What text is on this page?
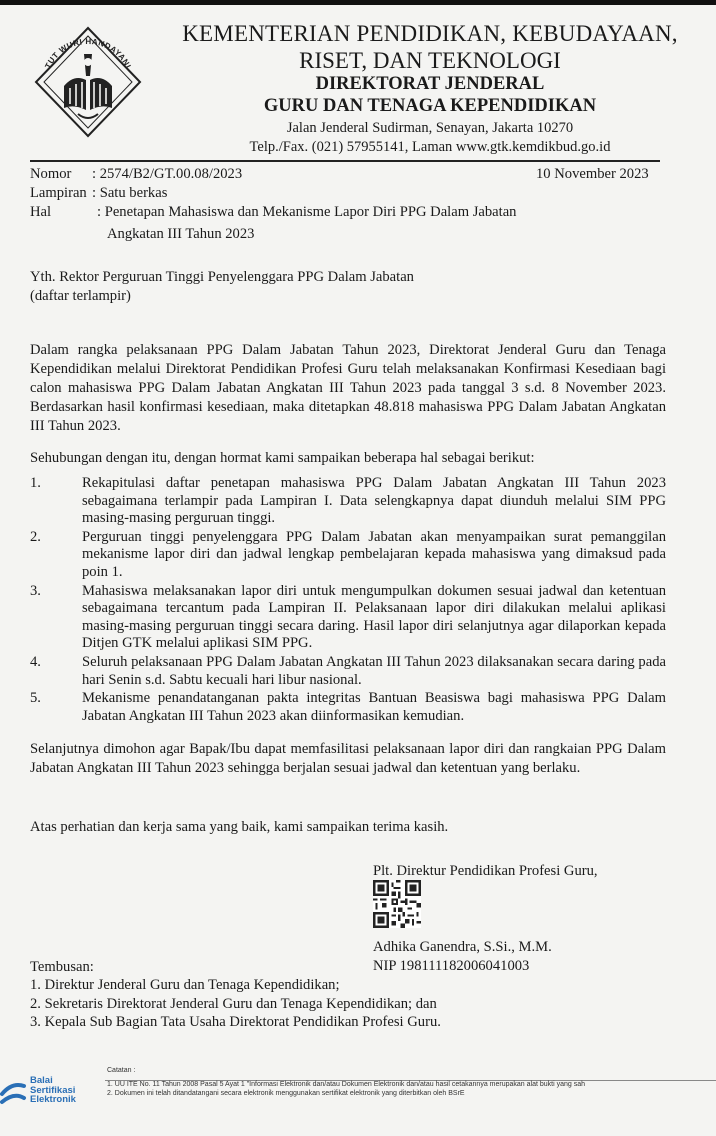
TUT WURI HANDAYANI
KEMENTERIAN PENDIDIKAN, KEBUDAYAAN,
RISET, DAN TEKNOLOGI
DIREKTORAT JENDERAL
GURU DAN TENAGA KEPENDIDIKAN
Jalan Jenderal Sudirman, Senayan, Jakarta 10270
Telp./Fax. (021) 57955141, Laman www.gtk.kemdikbud.go.id
Nomor : 2574/B2/GT.00.08/2023	10 November 2023
Lampiran : Satu berkas
Hal	: Penetapan Mahasiswa dan Mekanisme Lapor Diri PPG Dalam Jabatan
Angkatan III Tahun 2023
Yth. Rektor Perguruan Tinggi Penyelenggara PPG Dalam Jabatan
(daftar terlampir)
Dalam rangka pelaksanaan PPG Dalam Jabatan Tahun 2023, Direktorat Jenderal Guru dan Tenaga Kependidikan melalui Direktorat Pendidikan Profesi Guru telah melaksanakan Konfirmasi Kesediaan bagi calon mahasiswa PPG Dalam Jabatan Angkatan III Tahun 2023 pada tanggal 3 s.d. 8 November 2023. Berdasarkan hasil konfirmasi kesediaan, maka ditetapkan 48.818 mahasiswa PPG Dalam Jabatan Angkatan III Tahun 2023.
Sehubungan dengan itu, dengan hormat kami sampaikan beberapa hal sebagai berikut:
1.	Rekapitulasi daftar penetapan mahasiswa PPG Dalam Jabatan Angkatan III Tahun 2023 sebagaimana terlampir pada Lampiran I. Data selengkapnya dapat diunduh melalui SIM PPG masing-masing perguruan tinggi.
2.	Perguruan tinggi penyelenggara PPG Dalam Jabatan akan menyampaikan surat pemanggilan mekanisme lapor diri dan jadwal lengkap pembelajaran kepada mahasiswa yang dimaksud pada poin 1.
3.	Mahasiswa melaksanakan lapor diri untuk mengumpulkan dokumen sesuai jadwal dan ketentuan sebagaimana tercantum pada Lampiran II. Pelaksanaan lapor diri dilakukan melalui aplikasi masing-masing perguruan tinggi secara daring. Hasil lapor diri selanjutnya agar dilaporkan kepada Ditjen GTK melalui aplikasi SIM PPG.
4.	Seluruh pelaksanaan PPG Dalam Jabatan Angkatan III Tahun 2023 dilaksanakan secara daring pada hari Senin s.d. Sabtu kecuali hari libur nasional.
5.	Mekanisme penandatanganan pakta integritas Bantuan Beasiswa bagi mahasiswa PPG Dalam Jabatan Angkatan III Tahun 2023 akan diinformasikan kemudian.
Selanjutnya dimohon agar Bapak/Ibu dapat memfasilitasi pelaksanaan lapor diri dan rangkaian PPG Dalam Jabatan Angkatan III Tahun 2023 sehingga berjalan sesuai jadwal dan ketentuan yang berlaku.
Atas perhatian dan kerja sama yang baik, kami sampaikan terima kasih.
Plt. Direktur Pendidikan Profesi Guru,
Adhika Ganendra, S.Si., M.M.
NIP 198111182006041003
Tembusan:
1. Direktur Jenderal Guru dan Tenaga Kependidikan;
2. Sekretaris Direktorat Jenderal Guru dan Tenaga Kependidikan; dan
3. Kepala Sub Bagian Tata Usaha Direktorat Pendidikan Profesi Guru.
Balai
Sertifikasi
Elektronik
Catatan :
1. UU ITE No. 11 Tahun 2008 Pasal 5 Ayat 1 "Informasi Elektronik dan/atau Dokumen Elektronik dan/atau hasil cetakannya merupakan alat bukti yang sah
2. Dokumen ini telah ditandatangani secara elektronik menggunakan sertifikat elektronik yang diterbitkan oleh BSrE
